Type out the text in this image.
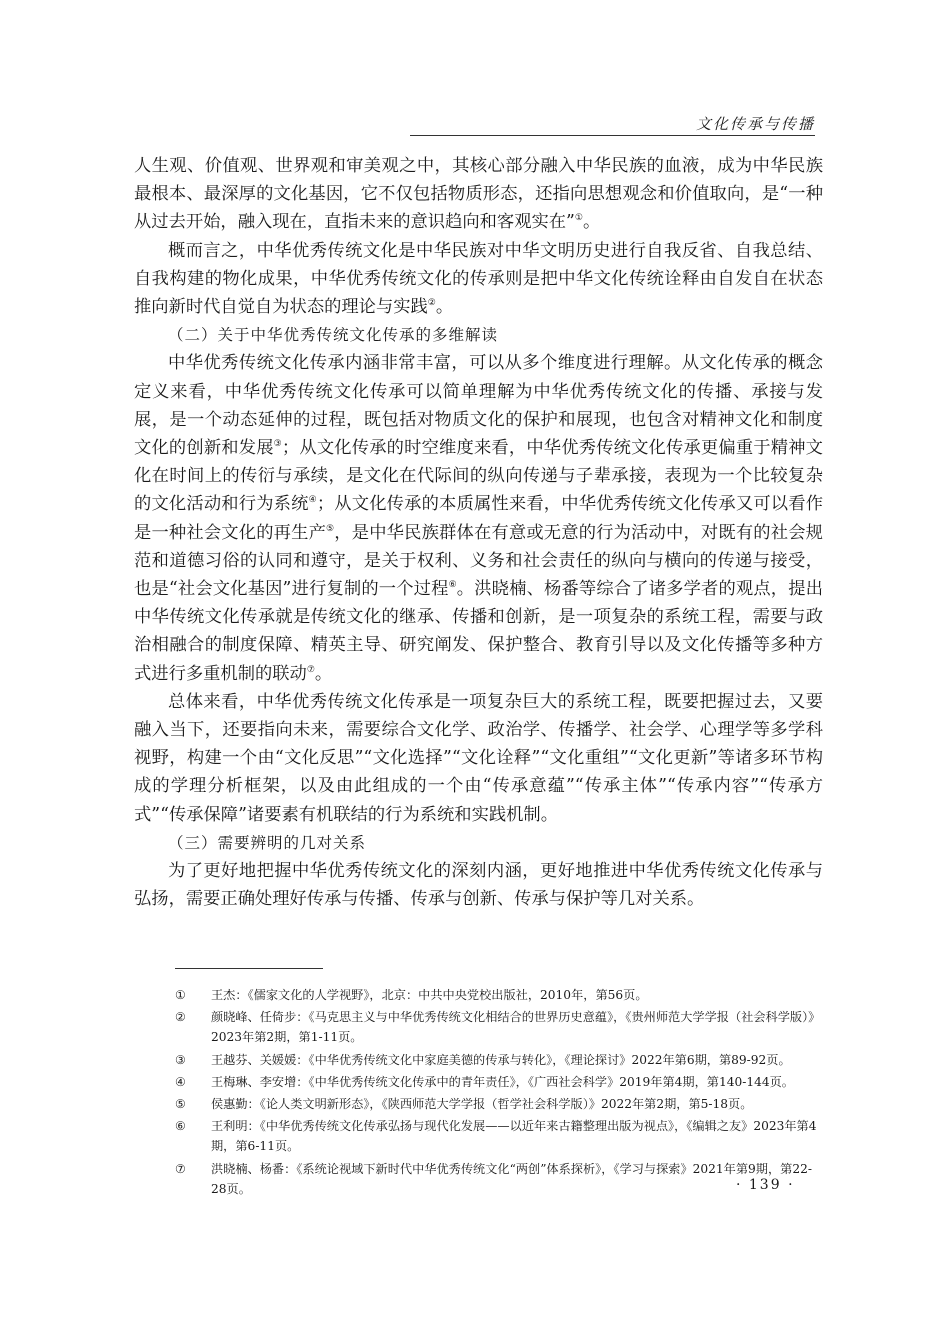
文化传承与传播

人生观、价值观、世界观和审美观之中，其核心部分融入中华民族的血液，成为中华民族最根本、最深厚的文化基因，它不仅包括物质形态，还指向思想观念和价值取向，是“一种从过去开始，融入现在，直指未来的意识趋向和客观实在”①。

概而言之，中华优秀传统文化是中华民族对中华文明历史进行自我反省、自我总结、自我构建的物化成果，中华优秀传统文化的传承则是把中华文化传统诠释由自发自在状态推向新时代自觉自为状态的理论与实践②。

（二）关于中华优秀传统文化传承的多维解读

中华优秀传统文化传承内涵非常丰富，可以从多个维度进行理解。从文化传承的概念定义来看，中华优秀传统文化传承可以简单理解为中华优秀传统文化的传播、承接与发展，是一个动态延伸的过程，既包括对物质文化的保护和展现，也包含对精神文化和制度文化的创新和发展③；从文化传承的时空维度来看，中华优秀传统文化传承更偏重于精神文化在时间上的传衍与承续，是文化在代际间的纵向传递与子辈承接，表现为一个比较复杂的文化活动和行为系统④；从文化传承的本质属性来看，中华优秀传统文化传承又可以看作是一种社会文化的再生产⑤，是中华民族群体在有意或无意的行为活动中，对既有的社会规范和道德习俗的认同和遵守，是关于权利、义务和社会责任的纵向与横向的传递与接受，也是“社会文化基因”进行复制的一个过程⑥。洪晓楠、杨番等综合了诸多学者的观点，提出中华传统文化传承就是传统文化的继承、传播和创新，是一项复杂的系统工程，需要与政治相融合的制度保障、精英主导、研究阐发、保护整合、教育引导以及文化传播等多种方式进行多重机制的联动⑦。

总体来看，中华优秀传统文化传承是一项复杂巨大的系统工程，既要把握过去，又要融入当下，还要指向未来，需要综合文化学、政治学、传播学、社会学、心理学等多学科视野，构建一个由“文化反思”“文化选择”“文化诠释”“文化重组”“文化更新”等诸多环节构成的学理分析框架，以及由此组成的一个由“传承意蕴”“传承主体”“传承内容”“传承方式”“传承保障”诸要素有机联结的行为系统和实践机制。

（三）需要辨明的几对关系

为了更好地把握中华优秀传统文化的深刻内涵，更好地推进中华优秀传统文化传承与弘扬，需要正确处理好传承与传播、传承与创新、传承与保护等几对关系。

① 王杰：《儒家文化的人学视野》，北京：中共中央党校出版社，2010年，第56页。
② 颜晓峰、任倚步：《马克思主义与中华优秀传统文化相结合的世界历史意蕴》，《贵州师范大学学报（社会科学版）》2023年第2期，第1-11页。
③ 王越芬、关媛媛：《中华优秀传统文化中家庭美德的传承与转化》，《理论探讨》2022年第6期，第89-92页。
④ 王梅琳、李安增：《中华优秀传统文化传承中的青年责任》，《广西社会科学》2019年第4期，第140-144页。
⑤ 侯惠勤：《论人类文明新形态》，《陕西师范大学学报（哲学社会科学版）》2022年第2期，第5-18页。
⑥ 王利明：《中华优秀传统文化传承弘扬与现代化发展——以近年来古籍整理出版为视点》，《编辑之友》2023年第4期，第6-11页。
⑦ 洪晓楠、杨番：《系统论视域下新时代中华优秀传统文化“两创”体系探析》，《学习与探索》2021年第9期，第22-28页。	· 139 ·
